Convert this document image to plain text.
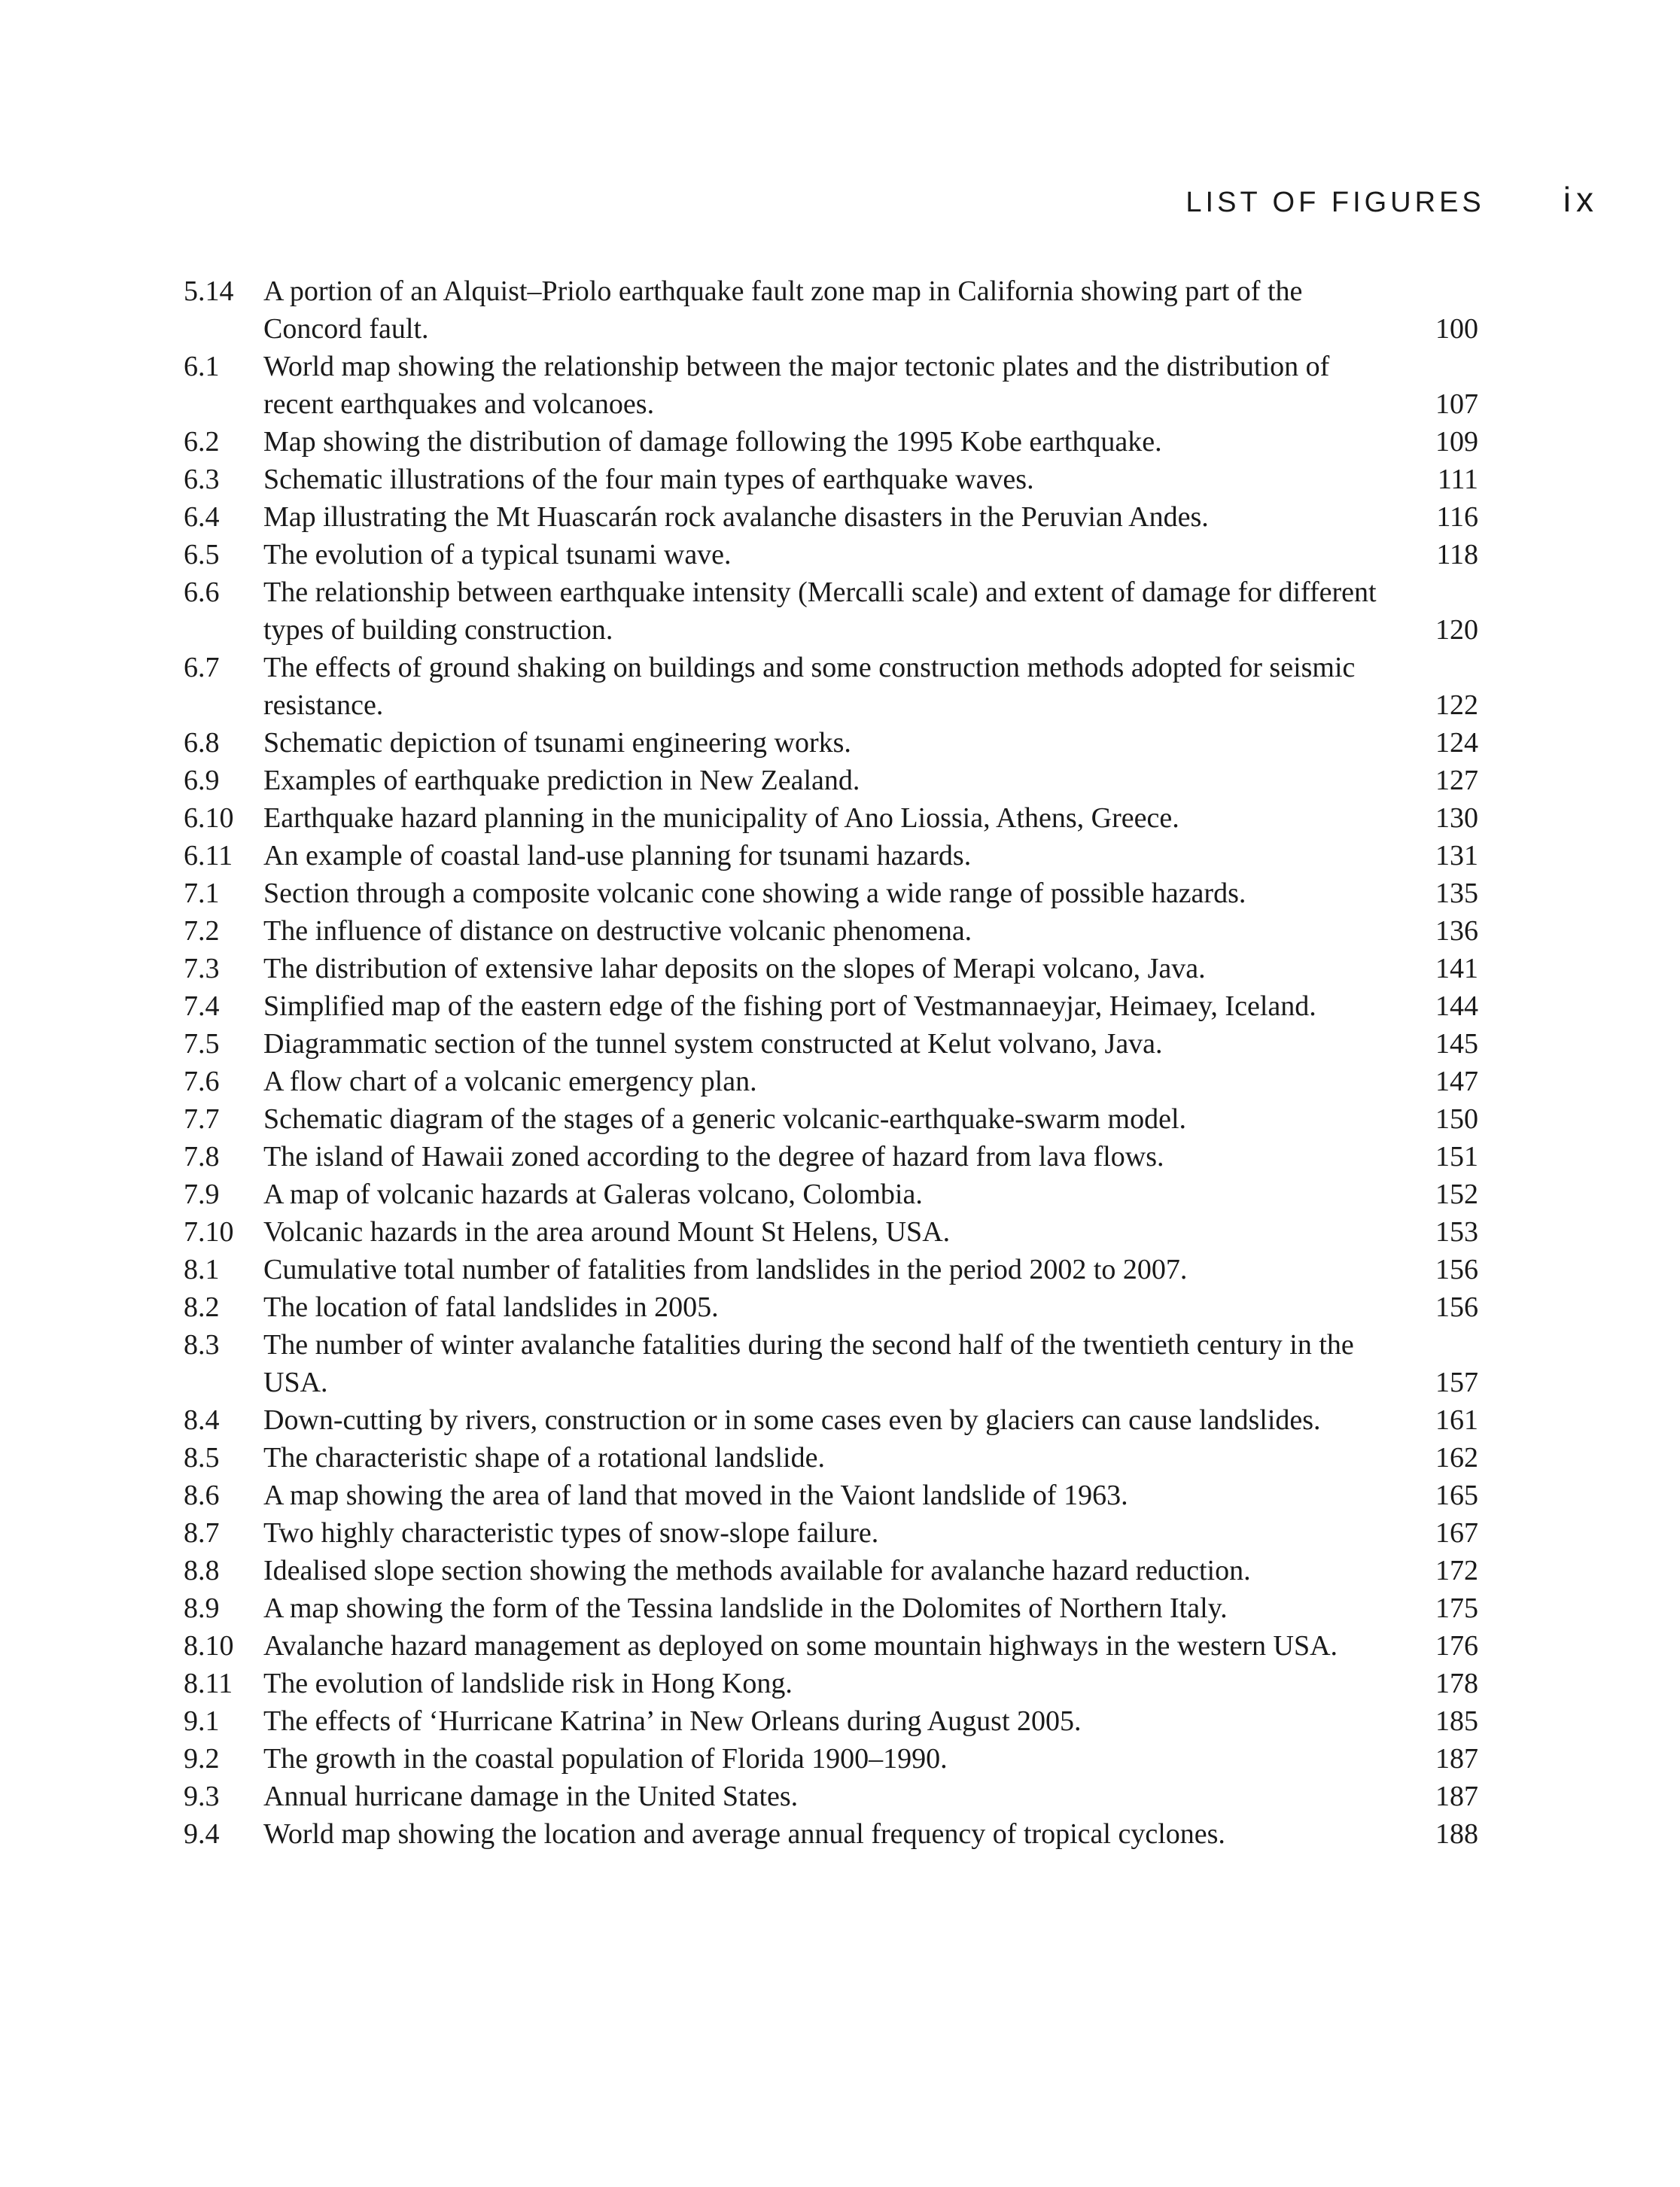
LIST OF FIGURES ix
5.14	A portion of an Alquist–Priolo earthquake fault zone map in California showing part of the Concord fault.	100
6.1	World map showing the relationship between the major tectonic plates and the distribution of recent earthquakes and volcanoes.	107
6.2	Map showing the distribution of damage following the 1995 Kobe earthquake.	109
6.3	Schematic illustrations of the four main types of earthquake waves.	111
6.4	Map illustrating the Mt Huascarán rock avalanche disasters in the Peruvian Andes.	116
6.5	The evolution of a typical tsunami wave.	118
6.6	The relationship between earthquake intensity (Mercalli scale) and extent of damage for different types of building construction.	120
6.7	The effects of ground shaking on buildings and some construction methods adopted for seismic resistance.	122
6.8	Schematic depiction of tsunami engineering works.	124
6.9	Examples of earthquake prediction in New Zealand.	127
6.10	Earthquake hazard planning in the municipality of Ano Liossia, Athens, Greece.	130
6.11	An example of coastal land-use planning for tsunami hazards.	131
7.1	Section through a composite volcanic cone showing a wide range of possible hazards.	135
7.2	The influence of distance on destructive volcanic phenomena.	136
7.3	The distribution of extensive lahar deposits on the slopes of Merapi volcano, Java.	141
7.4	Simplified map of the eastern edge of the fishing port of Vestmannaeyjar, Heimaey, Iceland.	144
7.5	Diagrammatic section of the tunnel system constructed at Kelut volvano, Java.	145
7.6	A flow chart of a volcanic emergency plan.	147
7.7	Schematic diagram of the stages of a generic volcanic-earthquake-swarm model.	150
7.8	The island of Hawaii zoned according to the degree of hazard from lava flows.	151
7.9	A map of volcanic hazards at Galeras volcano, Colombia.	152
7.10	Volcanic hazards in the area around Mount St Helens, USA.	153
8.1	Cumulative total number of fatalities from landslides in the period 2002 to 2007.	156
8.2	The location of fatal landslides in 2005.	156
8.3	The number of winter avalanche fatalities during the second half of the twentieth century in the USA.	157
8.4	Down-cutting by rivers, construction or in some cases even by glaciers can cause landslides.	161
8.5	The characteristic shape of a rotational landslide.	162
8.6	A map showing the area of land that moved in the Vaiont landslide of 1963.	165
8.7	Two highly characteristic types of snow-slope failure.	167
8.8	Idealised slope section showing the methods available for avalanche hazard reduction.	172
8.9	A map showing the form of the Tessina landslide in the Dolomites of Northern Italy.	175
8.10	Avalanche hazard management as deployed on some mountain highways in the western USA.	176
8.11	The evolution of landslide risk in Hong Kong.	178
9.1	The effects of ‘Hurricane Katrina’ in New Orleans during August 2005.	185
9.2	The growth in the coastal population of Florida 1900–1990.	187
9.3	Annual hurricane damage in the United States.	187
9.4	World map showing the location and average annual frequency of tropical cyclones.	188
